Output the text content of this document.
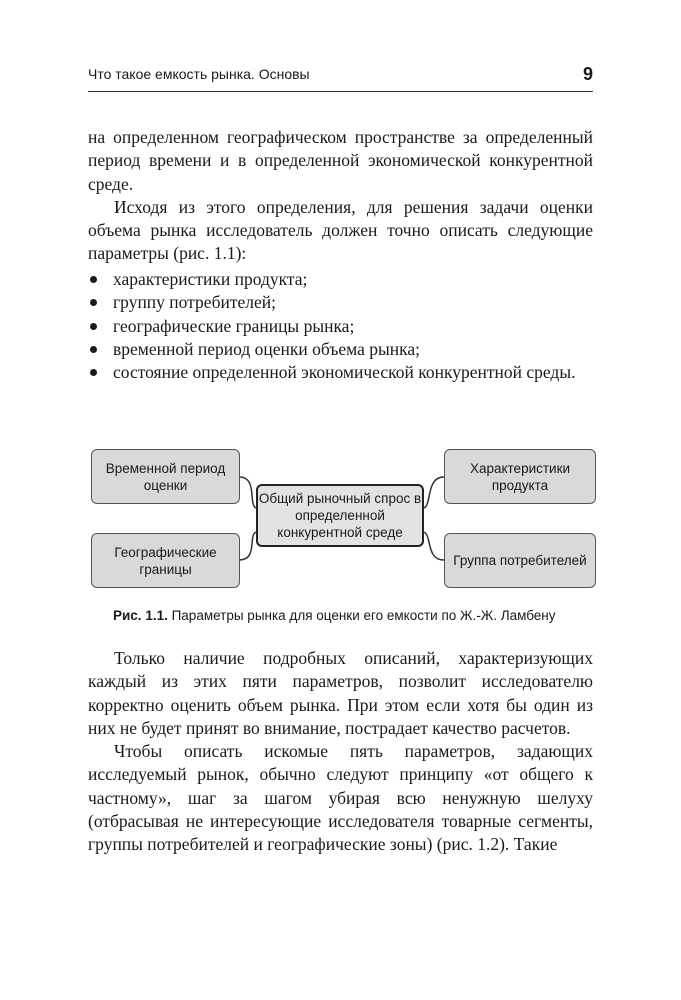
Что такое емкость рынка. Основы	9

на определенном географическом пространстве за определенный период времени и в определенной экономической конкурентной среде.

Исходя из этого определения, для решения задачи оценки объема рынка исследователь должен точно описать следующие параметры (рис. 1.1):

характеристики продукта;
группу потребителей;
географические границы рынка;
временной период оценки объема рынка;
состояние определенной экономической конкурентной среды.
Временной период оценки
Географические границы
Общий рыночный спрос в определенной конкурентной среде
Характеристики продукта
Группа потребителей
Рис. 1.1. Параметры рынка для оценки его емкости по Ж.-Ж. Ламбену

Только наличие подробных описаний, характеризующих каждый из этих пяти параметров, позволит исследователю корректно оценить объем рынка. При этом если хотя бы один из них не будет принят во внимание, пострадает качество расчетов.

Чтобы описать искомые пять параметров, задающих исследуемый рынок, обычно следуют принципу «от общего к частному», шаг за шагом убирая всю ненужную шелуху (отбрасывая не интересующие исследователя товарные сегменты, группы потребителей и географические зоны) (рис. 1.2). Такие
